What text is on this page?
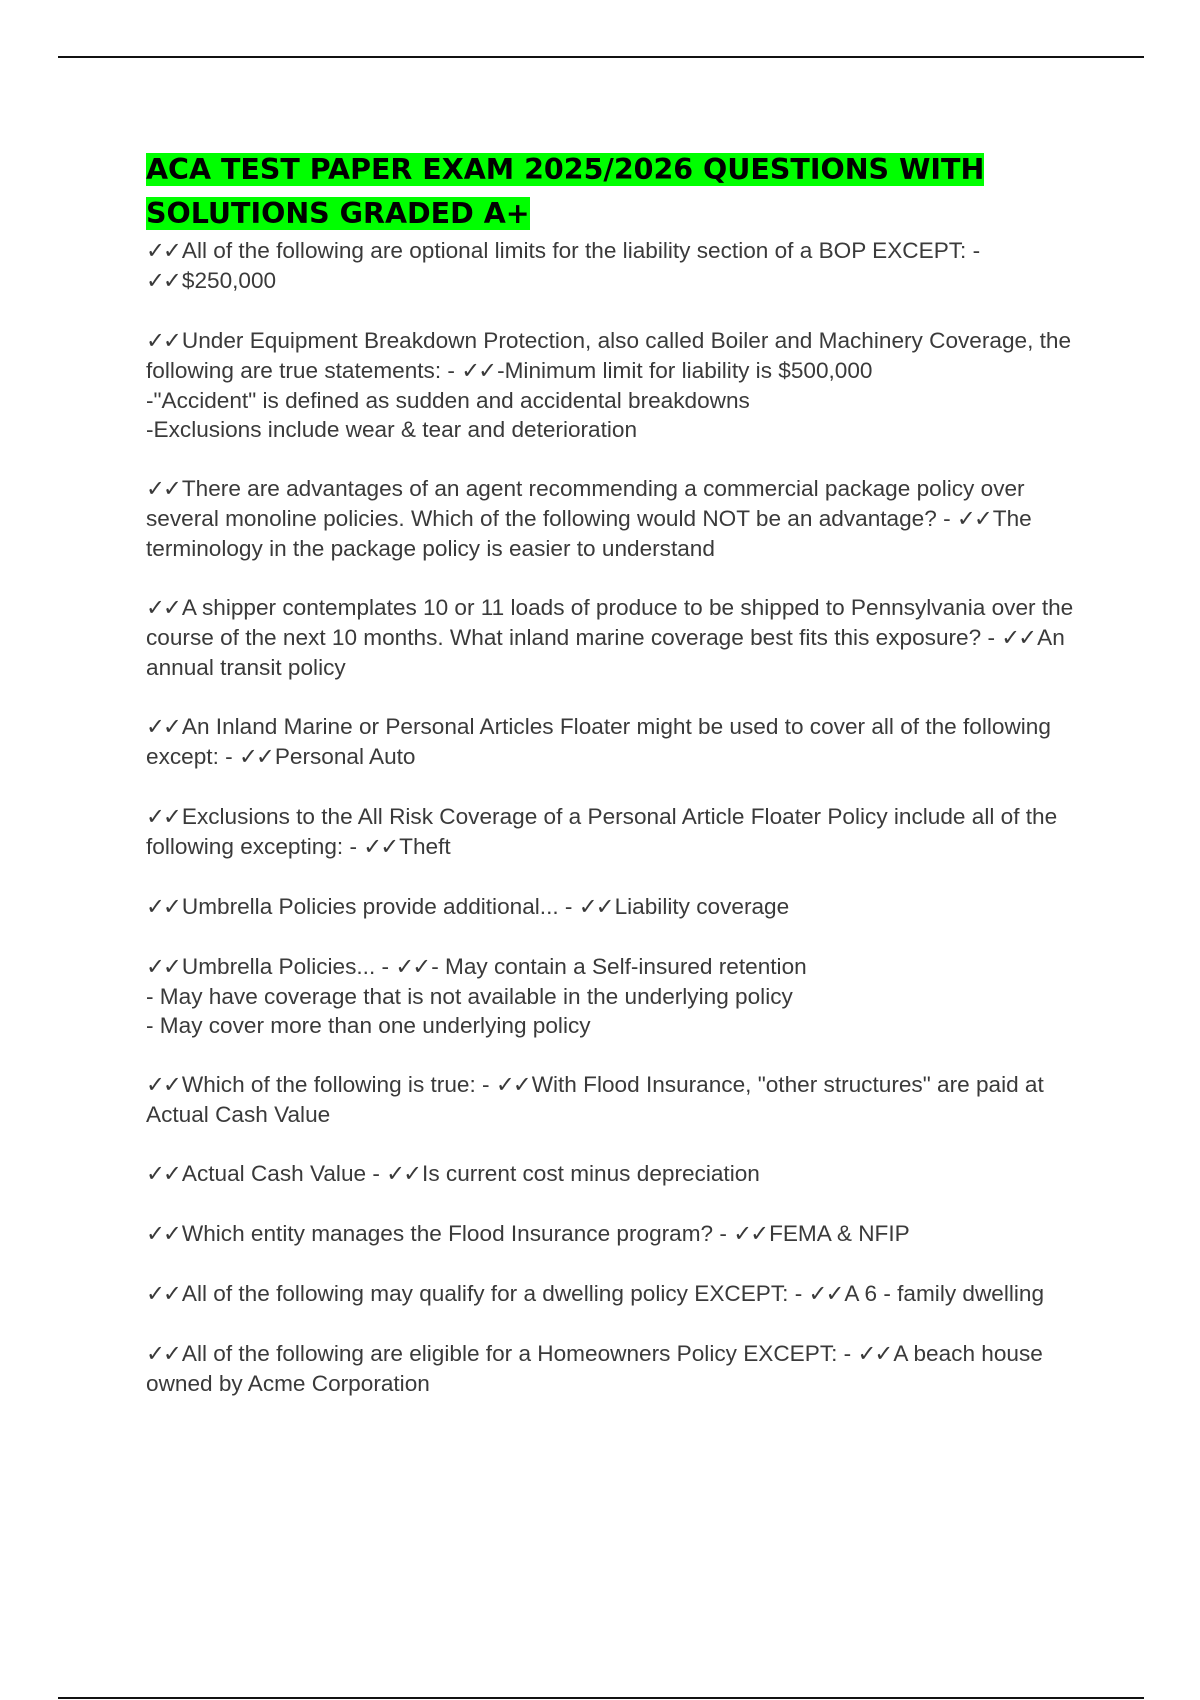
ACA TEST PAPER EXAM 2025/2026 QUESTIONS WITH SOLUTIONS GRADED A+
✓✓All of the following are optional limits for the liability section of a BOP EXCEPT: - ✓✓$250,000
✓✓Under Equipment Breakdown Protection, also called Boiler and Machinery Coverage, the following are true statements: - ✓✓-Minimum limit for liability is $500,000
-"Accident" is defined as sudden and accidental breakdowns
-Exclusions include wear & tear and deterioration
✓✓There are advantages of an agent recommending a commercial package policy over several monoline policies. Which of the following would NOT be an advantage? - ✓✓The terminology in the package policy is easier to understand
✓✓A shipper contemplates 10 or 11 loads of produce to be shipped to Pennsylvania over the course of the next 10 months. What inland marine coverage best fits this exposure? - ✓✓An annual transit policy
✓✓An Inland Marine or Personal Articles Floater might be used to cover all of the following except: - ✓✓Personal Auto
✓✓Exclusions to the All Risk Coverage of a Personal Article Floater Policy include all of the following excepting: - ✓✓Theft
✓✓Umbrella Policies provide additional... - ✓✓Liability coverage
✓✓Umbrella Policies... - ✓✓- May contain a Self-insured retention
- May have coverage that is not available in the underlying policy
- May cover more than one underlying policy
✓✓Which of the following is true: - ✓✓With Flood Insurance, "other structures" are paid at Actual Cash Value
✓✓Actual Cash Value - ✓✓Is current cost minus depreciation
✓✓Which entity manages the Flood Insurance program? - ✓✓FEMA & NFIP
✓✓All of the following may qualify for a dwelling policy EXCEPT: - ✓✓A 6 - family dwelling
✓✓All of the following are eligible for a Homeowners Policy EXCEPT: - ✓✓A beach house owned by Acme Corporation
